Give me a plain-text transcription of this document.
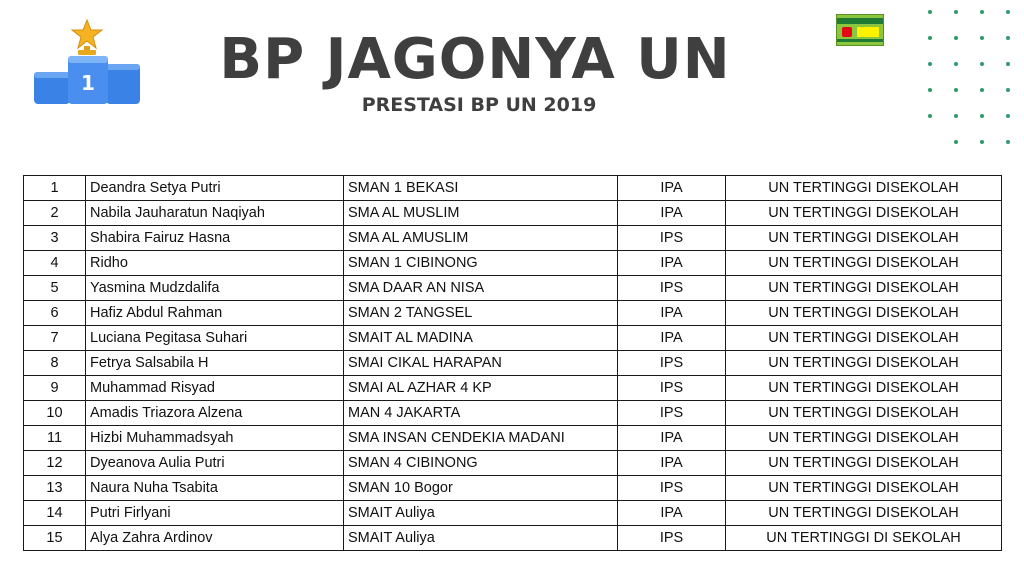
1	BP JAGONYA UN
PRESTASI BP UN 2019
1	Deandra Setya Putri	SMAN 1 BEKASI	IPA	UN TERTINGGI DISEKOLAH
2	Nabila Jauharatun Naqiyah	SMA AL MUSLIM	IPA	UN TERTINGGI DISEKOLAH
3	Shabira Fairuz Hasna	SMA AL AMUSLIM	IPS	UN TERTINGGI DISEKOLAH
4	Ridho	SMAN 1 CIBINONG	IPA	UN TERTINGGI DISEKOLAH
5	Yasmina Mudzdalifa	SMA DAAR AN NISA	IPS	UN TERTINGGI DISEKOLAH
6	Hafiz Abdul Rahman	SMAN 2 TANGSEL	IPA	UN TERTINGGI DISEKOLAH
7	Luciana Pegitasa Suhari	SMAIT AL MADINA	IPA	UN TERTINGGI DISEKOLAH
8	Fetrya Salsabila H	SMAI CIKAL HARAPAN	IPS	UN TERTINGGI DISEKOLAH
9	Muhammad Risyad	SMAI AL AZHAR 4 KP	IPS	UN TERTINGGI DISEKOLAH
10	Amadis Triazora Alzena	MAN 4 JAKARTA	IPS	UN TERTINGGI DISEKOLAH
11	Hizbi Muhammadsyah	SMA INSAN CENDEKIA MADANI	IPA	UN TERTINGGI DISEKOLAH
12	Dyeanova Aulia Putri	SMAN 4 CIBINONG	IPA	UN TERTINGGI DISEKOLAH
13	Naura Nuha Tsabita	SMAN 10 Bogor	IPS	UN TERTINGGI DISEKOLAH
14	Putri Firlyani	SMAIT Auliya	IPA	UN TERTINGGI DISEKOLAH
15	Alya Zahra Ardinov	SMAIT Auliya	IPS	UN TERTINGGI DI SEKOLAH
